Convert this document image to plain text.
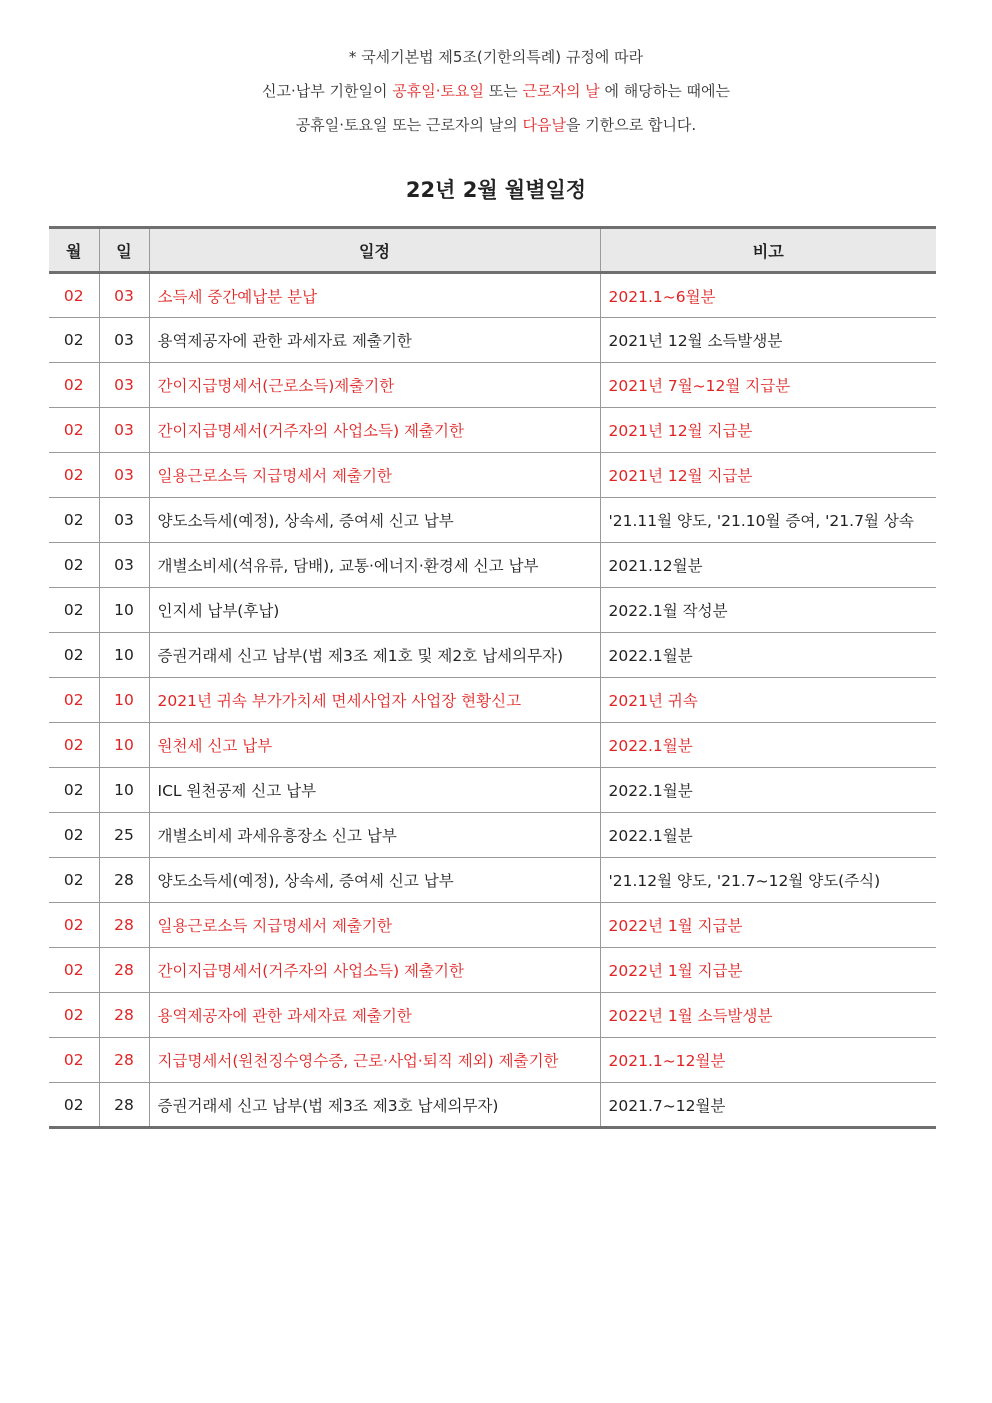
* 국세기본법 제5조(기한의특례) 규정에 따라
신고·납부 기한일이 공휴일·토요일 또는 근로자의 날 에 해당하는 때에는
공휴일·토요일 또는 근로자의 날의 다음날을 기한으로 합니다.
22년 2월 월별일정
월	일	일정	비고
02	03	소득세 중간예납분 분납	2021.1~6월분
02	03	용역제공자에 관한 과세자료 제출기한	2021년 12월 소득발생분
02	03	간이지급명세서(근로소득)제출기한	2021년 7월~12월 지급분
02	03	간이지급명세서(거주자의 사업소득) 제출기한	2021년 12월 지급분
02	03	일용근로소득 지급명세서 제출기한	2021년 12월 지급분
02	03	양도소득세(예정), 상속세, 증여세 신고 납부	'21.11월 양도, '21.10월 증여, '21.7월 상속
02	03	개별소비세(석유류, 담배), 교통·에너지·환경세 신고 납부	2021.12월분
02	10	인지세 납부(후납)	2022.1월 작성분
02	10	증권거래세 신고 납부(법 제3조 제1호 및 제2호 납세의무자)	2022.1월분
02	10	2021년 귀속 부가가치세 면세사업자 사업장 현황신고	2021년 귀속
02	10	원천세 신고 납부	2022.1월분
02	10	ICL 원천공제 신고 납부	2022.1월분
02	25	개별소비세 과세유흥장소 신고 납부	2022.1월분
02	28	양도소득세(예정), 상속세, 증여세 신고 납부	'21.12월 양도, '21.7~12월 양도(주식)
02	28	일용근로소득 지급명세서 제출기한	2022년 1월 지급분
02	28	간이지급명세서(거주자의 사업소득) 제출기한	2022년 1월 지급분
02	28	용역제공자에 관한 과세자료 제출기한	2022년 1월 소득발생분
02	28	지급명세서(원천징수영수증, 근로·사업·퇴직 제외) 제출기한	2021.1~12월분
02	28	증권거래세 신고 납부(법 제3조 제3호 납세의무자)	2021.7~12월분
